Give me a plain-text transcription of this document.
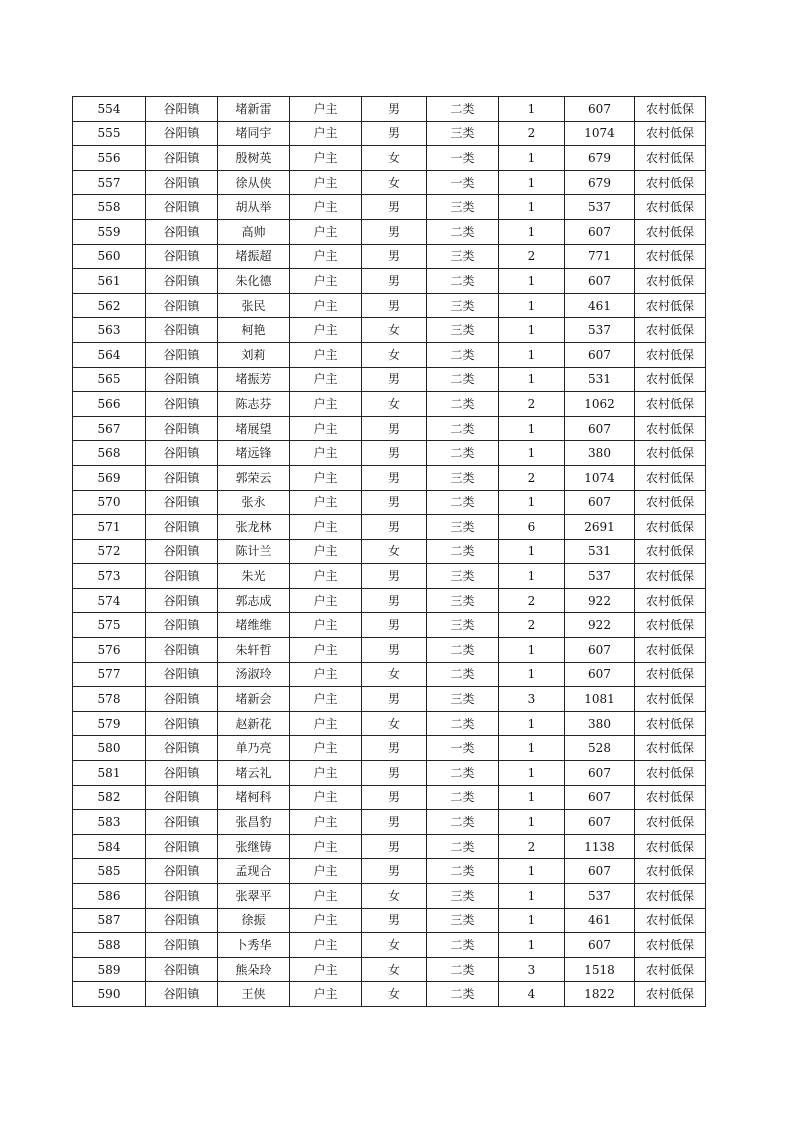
554	谷阳镇	堵新雷	户主	男	二类	1	607	农村低保
555	谷阳镇	堵同宇	户主	男	三类	2	1074	农村低保
556	谷阳镇	殷树英	户主	女	一类	1	679	农村低保
557	谷阳镇	徐从侠	户主	女	一类	1	679	农村低保
558	谷阳镇	胡从举	户主	男	三类	1	537	农村低保
559	谷阳镇	高帅	户主	男	二类	1	607	农村低保
560	谷阳镇	堵振超	户主	男	三类	2	771	农村低保
561	谷阳镇	朱化德	户主	男	二类	1	607	农村低保
562	谷阳镇	张民	户主	男	三类	1	461	农村低保
563	谷阳镇	柯艳	户主	女	三类	1	537	农村低保
564	谷阳镇	刘莉	户主	女	二类	1	607	农村低保
565	谷阳镇	堵振芳	户主	男	二类	1	531	农村低保
566	谷阳镇	陈志芬	户主	女	二类	2	1062	农村低保
567	谷阳镇	堵展望	户主	男	二类	1	607	农村低保
568	谷阳镇	堵远锋	户主	男	二类	1	380	农村低保
569	谷阳镇	郭荣云	户主	男	三类	2	1074	农村低保
570	谷阳镇	张永	户主	男	二类	1	607	农村低保
571	谷阳镇	张龙林	户主	男	三类	6	2691	农村低保
572	谷阳镇	陈计兰	户主	女	二类	1	531	农村低保
573	谷阳镇	朱光	户主	男	三类	1	537	农村低保
574	谷阳镇	郭志成	户主	男	三类	2	922	农村低保
575	谷阳镇	堵维维	户主	男	三类	2	922	农村低保
576	谷阳镇	朱轩哲	户主	男	二类	1	607	农村低保
577	谷阳镇	汤淑玲	户主	女	二类	1	607	农村低保
578	谷阳镇	堵新会	户主	男	三类	3	1081	农村低保
579	谷阳镇	赵新花	户主	女	二类	1	380	农村低保
580	谷阳镇	单乃亮	户主	男	一类	1	528	农村低保
581	谷阳镇	堵云礼	户主	男	二类	1	607	农村低保
582	谷阳镇	堵柯科	户主	男	二类	1	607	农村低保
583	谷阳镇	张昌豹	户主	男	二类	1	607	农村低保
584	谷阳镇	张继铸	户主	男	二类	2	1138	农村低保
585	谷阳镇	孟现合	户主	男	二类	1	607	农村低保
586	谷阳镇	张翠平	户主	女	三类	1	537	农村低保
587	谷阳镇	徐振	户主	男	三类	1	461	农村低保
588	谷阳镇	卜秀华	户主	女	二类	1	607	农村低保
589	谷阳镇	熊朵玲	户主	女	二类	3	1518	农村低保
590	谷阳镇	王侠	户主	女	二类	4	1822	农村低保
